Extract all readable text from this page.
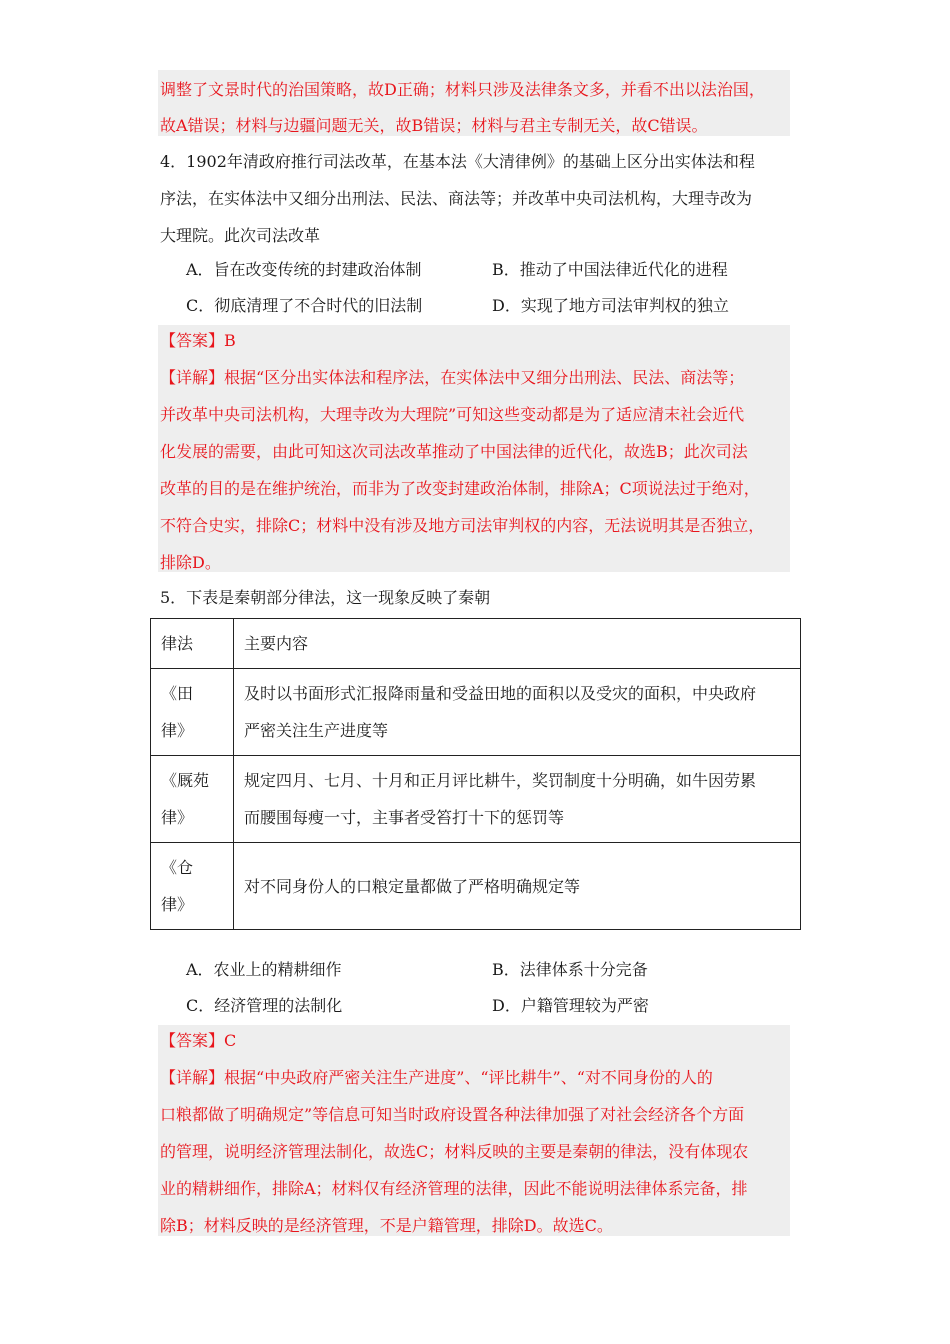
调整了文景时代的治国策略，故D正确；材料只涉及法律条文多，并看不出以法治国，
故A错误；材料与边疆问题无关，故B错误；材料与君主专制无关，故C错误。
4．1902年清政府推行司法改革，在基本法《大清律例》的基础上区分出实体法和程
序法，在实体法中又细分出刑法、民法、商法等；并改革中央司法机构，大理寺改为
大理院。此次司法改革
A．旨在改变传统的封建政治体制	B．推动了中国法律近代化的进程
C．彻底清理了不合时代的旧法制	D．实现了地方司法审判权的独立
【答案】B
【详解】根据“区分出实体法和程序法，在实体法中又细分出刑法、民法、商法等；
并改革中央司法机构，大理寺改为大理院”可知这些变动都是为了适应清末社会近代
化发展的需要，由此可知这次司法改革推动了中国法律的近代化，故选B；此次司法
改革的目的是在维护统治，而非为了改变封建政治体制，排除A；C项说法过于绝对，
不符合史实，排除C；材料中没有涉及地方司法审判权的内容，无法说明其是否独立，
排除D。
5．下表是秦朝部分律法，这一现象反映了秦朝
律法	主要内容
《田
律》	及时以书面形式汇报降雨量和受益田地的面积以及受灾的面积，中央政府
严密关注生产进度等
《厩苑
律》	规定四月、七月、十月和正月评比耕牛，奖罚制度十分明确，如牛因劳累
而腰围每瘦一寸，主事者受笞打十下的惩罚等
《仓
律》	对不同身份人的口粮定量都做了严格明确规定等
A．农业上的精耕细作	B．法律体系十分完备
C．经济管理的法制化	D．户籍管理较为严密
【答案】C
【详解】根据“中央政府严密关注生产进度”、“评比耕牛”、“对不同身份的人的
口粮都做了明确规定”等信息可知当时政府设置各种法律加强了对社会经济各个方面
的管理，说明经济管理法制化，故选C；材料反映的主要是秦朝的律法，没有体现农
业的精耕细作，排除A；材料仅有经济管理的法律，因此不能说明法律体系完备，排
除B；材料反映的是经济管理，不是户籍管理，排除D。故选C。
